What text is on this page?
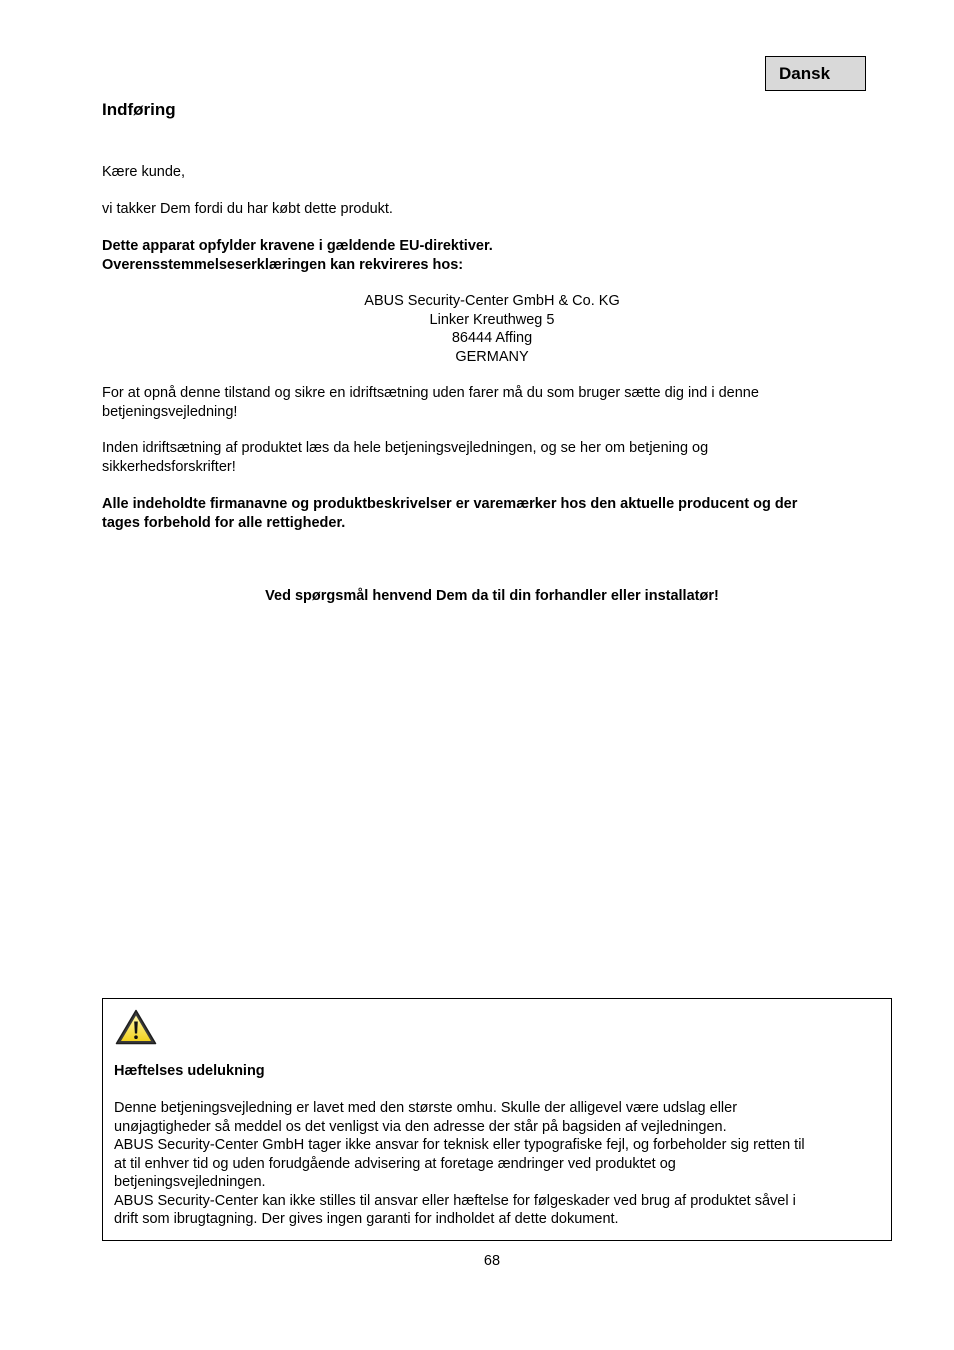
Dansk
Indføring
Kære kunde,
vi takker Dem fordi du har købt dette produkt.
Dette apparat opfylder kravene i gældende EU-direktiver.
Overensstemmelseserklæringen kan rekvireres hos:
ABUS Security-Center GmbH & Co. KG
Linker Kreuthweg 5
86444 Affing
GERMANY
For at opnå denne tilstand og sikre en idriftsætning uden farer må du som bruger sætte dig ind i denne
betjeningsvejledning!
Inden idriftsætning af produktet læs da hele betjeningsvejledningen, og se her om betjening og
sikkerhedsforskrifter!
Alle indeholdte firmanavne og produktbeskrivelser er varemærker hos den aktuelle producent og der
tages forbehold for alle rettigheder.
Ved spørgsmål henvend Dem da til din forhandler eller installatør!
Hæftelses udelukning
Denne betjeningsvejledning er lavet med den største omhu. Skulle der alligevel være udslag eller
unøjagtigheder så meddel os det venligst via den adresse der står på bagsiden af vejledningen.
ABUS Security-Center GmbH tager ikke ansvar for teknisk eller typografiske fejl, og forbeholder sig retten til
at til enhver tid og uden forudgående advisering at foretage ændringer ved produktet og
betjeningsvejledningen.
ABUS Security-Center kan ikke stilles til ansvar eller hæftelse for følgeskader ved brug af produktet såvel i
drift som ibrugtagning. Der gives ingen garanti for indholdet af dette dokument.
68
